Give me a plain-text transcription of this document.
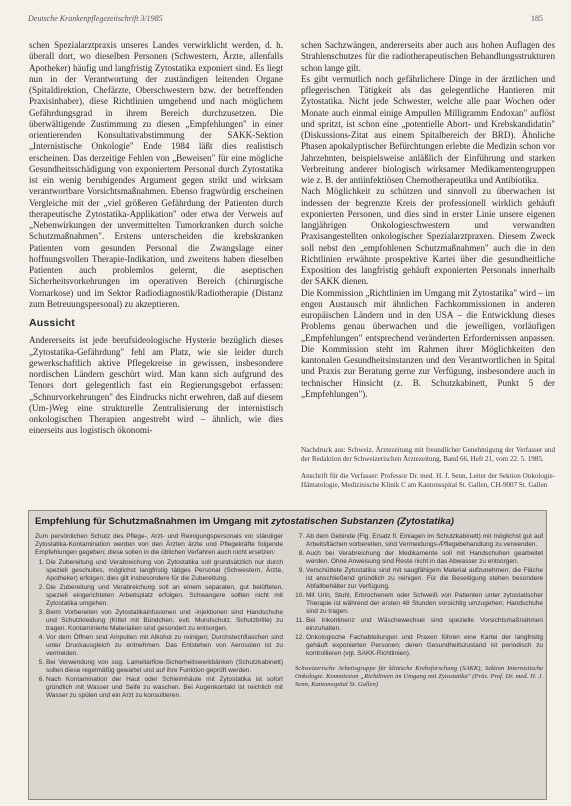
Deutsche Krankenpflegezeitschrift 3/1985	185

schen Spezialarztpraxis unseres Landes verwirklicht werden, d. h. überall dort, wo dieselben Personen (Schwestern, Ärzte, allenfalls Apotheker) häufig und langfristig Zytostatika exponiert sind. Es liegt nun in der Verantwortung der zuständigen leitenden Organe (Spitaldirektion, Chefärzte, Oberschwestern bzw. der betreffenden Praxisinhaber), diese Richtlinien umgehend und nach möglichem Gefährdungsgrad in ihrem Bereich durchzusetzen. Die überwältigende Zustimmung zu diesen „Empfehlungen" in einer orientierenden Konsultativabstimmung der SAKK-Sektion „Internistische Onkologie" Ende 1984 läßt dies realistisch erscheinen. Das derzeitige Fehlen von „Beweisen" für eine mögliche Gesundheitsschädigung von exponiertem Personal durch Zytostatika ist ein wenig beruhigendes Argument gegen strikt und wirksam verantwortbare Vorsichtsmaßnahmen. Ebenso fragwürdig erscheinen Vergleiche mit der „viel größeren Gefährdung der Patienten durch therapeutische Zytostatika-Applikation" oder etwa der Verweis auf „Nebenwirkungen der unvermittelten Tumorkranken durch solche Schutzmaßnahmen". Erstens unterscheiden die krebskranken Patienten vom gesunden Personal die Zwangslage einer hoffnungsvollen Therapie-Indikation, und zweitens haben dieselben Patienten auch problemlos gelernt, die aseptischen Sicherheitsvorkehrungen im operativen Bereich (chirurgische Vornarkose) und im Sektor Radiodiagnostik/Radiotherapie (Distanz zum Betreuungspersonal) zu akzeptieren.

Aussicht

Andererseits ist jede berufsideologische Hysterie bezüglich dieses „Zytostatika-Gefährdung" fehl am Platz, wie sie leider durch gewerkschaftlich aktive Pflegekreise in gewissen, insbesondere nordischen Ländern geschürt wird. Man kann sich aufgrund des Tenors dort gelegentlich fast ein Regierungsgebot erfassen: „Schnurvorkehrungen" des Eindrucks nicht erwehren, daß auf diesem (Um-)Weg eine strukturelle Zentralisierung der internistisch onkologischen Therapien angestrebt wird – ähnlich, wie dies einerseits aus logistisch ökonomi-

schen Sachzwängen, andererseits aber auch aus hohen Auflagen des Strahlenschutzes für die radiotherapeutischen Behandlungsstrukturen schon lange gilt.

Es gibt vermutlich noch gefährlichere Dinge in der ärztlichen und pflegerischen Tätigkeit als das gelegentliche Hantieren mit Zytostatika. Nicht jede Schwester, welche alle paar Wochen oder Monate auch einmal einige Ampullen Milligramm Endoxan" auflöst und spritzt, ist schon eine „potentielle Abort- und Krebskandidatin" (Diskussions-Zitat aus einem Spitalbereich der BRD). Ähnliche Phasen apokalyptischer Befürchtungen erlebte die Medizin schon vor Jahrzehnten, beispielsweise anläßlich der Einführung und starken Verbreitung anderer biologisch wirksamer Medikamentengruppen wie z. B. der antiinfektiösen Chemotherapeutika und Antibiotika.

Nach Möglichkeit zu schützen und sinnvoll zu überwachen ist indessen der begrenzte Kreis der professionell wirklich gehäuft exponierten Personen, und dies sind in erster Linie unsere eigenen langjährigen Onkologieschwestern und verwandten Praxisangestellten onkologischer Spezialarztpraxen. Diesem Zweck soll nebst den „empfohlenen Schutzmaßnahmen" auch die in den Richtlinien erwähnte prospektive Kartei über die gesundheitliche Exposition des langfristig gehäuft exponierten Personals innerhalb der SAKK dienen.

Die Kommission „Richtlinien im Umgang mit Zytostatika" wird – im engen Austausch mit ähnlichen Fachkommissionen in anderen europäischen Ländern und in den USA – die Entwicklung dieses Problems genau überwachen und die jeweiligen, vorläufigen „Empfehlungen" entsprechend veränderten Erfordernissen anpassen. Die Kommission steht im Rahmen ihrer Möglichkeiten den kantonalen Gesundheitsinstanzen und den Verantwortlichen in Spital und Praxis zur Beratung gerne zur Verfügung, insbesondere auch in technischer Hinsicht (z. B. Schutzkabinett, Punkt 5 der „Empfehlungen").

Nachdruck aus: Schweiz. Ärztezeitung mit freundlicher Genehmigung der Verfasser und der Redaktion der Schweizerischen Ärztezeitung, Band 66, Heft 21, vom 22. 5. 1985.
Anschrift für die Verfasser: Professor Dr. med. H. J. Senn, Leiter der Sektion Onkologie-Hämatologie, Medizinische Klinik C am Kantonsspital St. Gallen, CH-9007 St. Gallen
Empfehlung für Schutzmaßnahmen im Umgang mit zytostatischen Substanzen (Zytostatika)

Zum persönlichen Schutz des Pflege-, Arzt- und Reinigungspersonals vor ständiger Zytostatika-Kontamination werden von den Ärzten ärzte und Pflegekräfte folgende Empfehlungen gegeben; diese sollen in die üblichen Verfahren auch nicht ersetzen:

1. Die Zubereitung und Verabreichung von Zytostatika soll grundsätzlich nur durch speziell geschultes, möglichst langfristig tätiges Personal (Schwestern, Ärzte, Apotheker) erfolgen; dies gilt insbesondere für die Zubereitung.
2. Die Zubereitung und Verabreichung soll an einem separaten, gut belüfteten, speziell eingerichteten Arbeitsplatz erfolgen. Schwangere sollten nicht mit Zytostatika umgehen.
3. Beim Vorbereiten von Zytostatikainfusionen und -injektionen sind Handschuhe und Schutzkleidung (Kittel mit Bündchen, evtl. Mundschutz, Schutzbrille) zu tragen. Kontaminierte Materialien sind gesondert zu entsorgen.
4. Vor dem Öffnen sind Ampullen mit Alkohol zu reinigen; Durchstechflaschen sind unter Druckausgleich zu entnehmen. Das Entstehen von Aerosolen ist zu vermeiden.
5. Bei Verwendung von sog. Lamellarflow-Sicherheitswerkbänken (Schutzkabinett) sollen diese regelmäßig gewartet und auf ihre Funktion geprüft werden.
6. Nach Kontamination der Haut oder Schleimhäute mit Zytostatika ist sofort gründlich mit Wasser und Seife zu waschen. Bei Augenkontakt ist reichlich mit Wasser zu spülen und ein Arzt zu konsultieren.
7. Ab dem Gebinde (Flg. Ersatz fl. Einlagen im Schutzkabinett) mit möglichst gut auf Arbeitsflächen vorbereiten, sind Vermeidungs-/Pflegebehandlung zu verwenden.
8. Auch bei Verabreichung der Medikamente soll mit Handschuhen gearbeitet werden. Ohne Anweisung sind Reste nicht in das Abwasser zu entsorgen.
9. Verschüttete Zytostatika sind mit saugfähigem Material aufzunehmen; die Fläche ist anschließend gründlich zu reinigen. Für die Beseitigung stehen besondere Abfallbehälter zur Verfügung.
10. Mit Urin, Stuhl, Erbrochenem oder Schweiß von Patienten unter zytostatischer Therapie ist während der ersten 48 Stunden vorsichtig umzugehen; Handschuhe sind zu tragen.
11. Bei Inkontinenz und Wäschewechsel sind spezielle Vorsichtsmaßnahmen einzuhalten.
12. Onkologische Fachabteilungen und Praxen führen eine Kartei der langfristig gehäuft exponierten Personen; deren Gesundheitszustand ist periodisch zu kontrollieren (vgl. SAKK-Richtlinien).
Schweizerische Arbeitsgruppe für klinische Krebsforschung (SAKK), Sektion Internistische Onkologie. Kommission „Richtlinien im Umgang mit Zytostatika" (Präs. Prof. Dr. med. H. J. Senn, Kantonsspital St. Gallen)
